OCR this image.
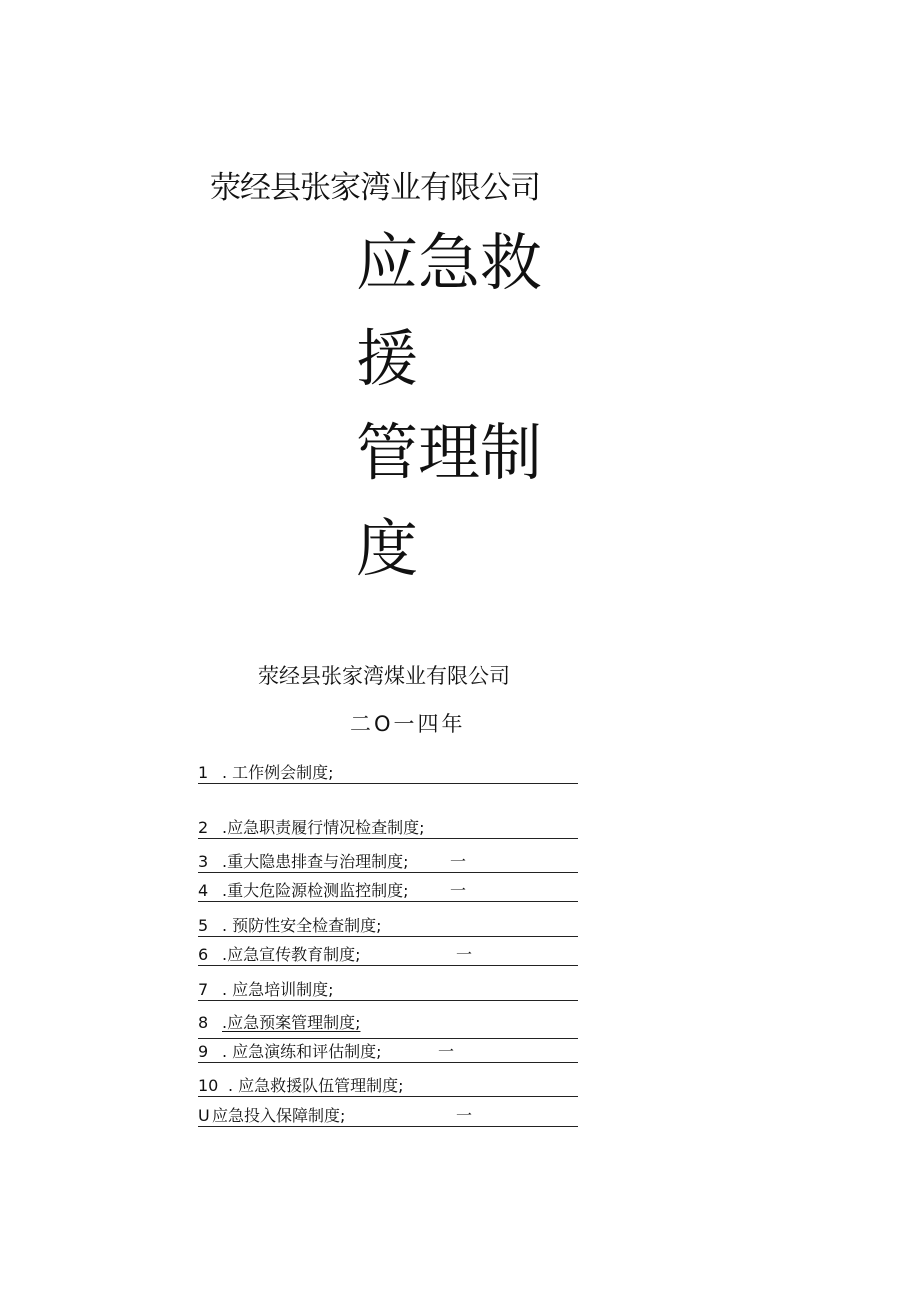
荥经县张家湾业有限公司
应急救
援
管理制
度
荥经县张家湾煤业有限公司
二O一四年
1 . 工作例会制度;
2 .应急职责履行情况检查制度;
3 .重大隐患排查与治理制度;	一
4 .重大危险源检测监控制度;	一
5 . 预防性安全检查制度;
6 .应急宣传教育制度;	一
7 . 应急培训制度;
8 .应急预案管理制度;
9 . 应急演练和评估制度;	一
10 . 应急救援队伍管理制度;
U 应急投入保障制度;	一
